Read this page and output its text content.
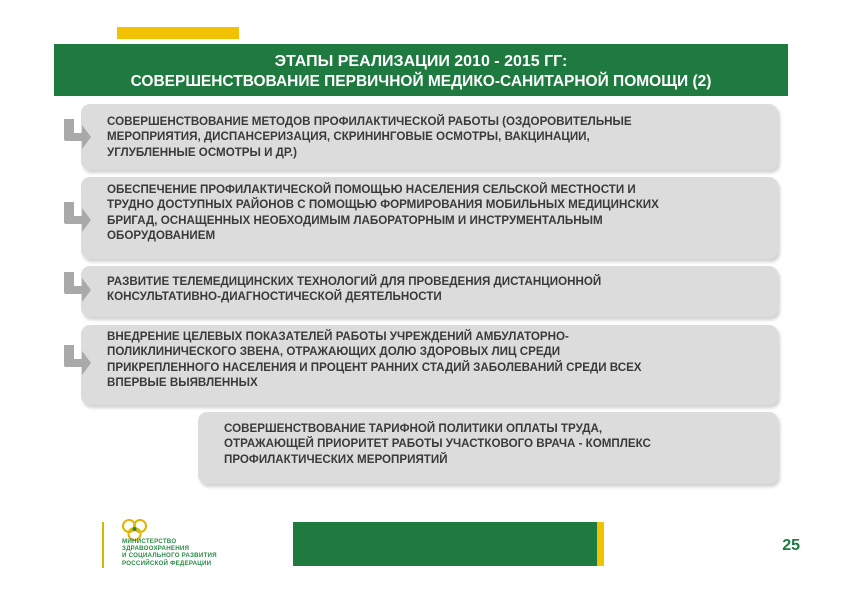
ЭТАПЫ РЕАЛИЗАЦИИ 2010 - 2015 ГГ:
СОВЕРШЕНСТВОВАНИЕ ПЕРВИЧНОЙ МЕДИКО-САНИТАРНОЙ ПОМОЩИ (2)
СОВЕРШЕНСТВОВАНИЕ МЕТОДОВ ПРОФИЛАКТИЧЕСКОЙ РАБОТЫ (ОЗДОРОВИТЕЛЬНЫЕ
МЕРОПРИЯТИЯ, ДИСПАНСЕРИЗАЦИЯ, СКРИНИНГОВЫЕ ОСМОТРЫ, ВАКЦИНАЦИИ,
УГЛУБЛЕННЫЕ ОСМОТРЫ И ДР.)
ОБЕСПЕЧЕНИЕ ПРОФИЛАКТИЧЕСКОЙ ПОМОЩЬЮ НАСЕЛЕНИЯ СЕЛЬСКОЙ МЕСТНОСТИ И
ТРУДНО ДОСТУПНЫХ РАЙОНОВ С ПОМОЩЬЮ ФОРМИРОВАНИЯ МОБИЛЬНЫХ МЕДИЦИНСКИХ
БРИГАД, ОСНАЩЕННЫХ НЕОБХОДИМЫМ ЛАБОРАТОРНЫМ И ИНСТРУМЕНТАЛЬНЫМ
ОБОРУДОВАНИЕМ
РАЗВИТИЕ ТЕЛЕМЕДИЦИНСКИХ ТЕХНОЛОГИЙ ДЛЯ ПРОВЕДЕНИЯ ДИСТАНЦИОННОЙ
КОНСУЛЬТАТИВНО-ДИАГНОСТИЧЕСКОЙ ДЕЯТЕЛЬНОСТИ
ВНЕДРЕНИЕ ЦЕЛЕВЫХ ПОКАЗАТЕЛЕЙ РАБОТЫ УЧРЕЖДЕНИЙ АМБУЛАТОРНО-
ПОЛИКЛИНИЧЕСКОГО ЗВЕНА, ОТРАЖАЮЩИХ ДОЛЮ ЗДОРОВЫХ ЛИЦ СРЕДИ
ПРИКРЕПЛЕННОГО НАСЕЛЕНИЯ И ПРОЦЕНТ РАННИХ СТАДИЙ ЗАБОЛЕВАНИЙ СРЕДИ ВСЕХ
ВПЕРВЫЕ ВЫЯВЛЕННЫХ
СОВЕРШЕНСТВОВАНИЕ ТАРИФНОЙ ПОЛИТИКИ ОПЛАТЫ ТРУДА,
ОТРАЖАЮЩЕЙ ПРИОРИТЕТ РАБОТЫ УЧАСТКОВОГО ВРАЧА - КОМПЛЕКС
ПРОФИЛАКТИЧЕСКИХ МЕРОПРИЯТИЙ
МИНИСТЕРСТВО
ЗДРАВООХРАНЕНИЯ
И СОЦИАЛЬНОГО РАЗВИТИЯ
РОССИЙСКОЙ ФЕДЕРАЦИИ
25
